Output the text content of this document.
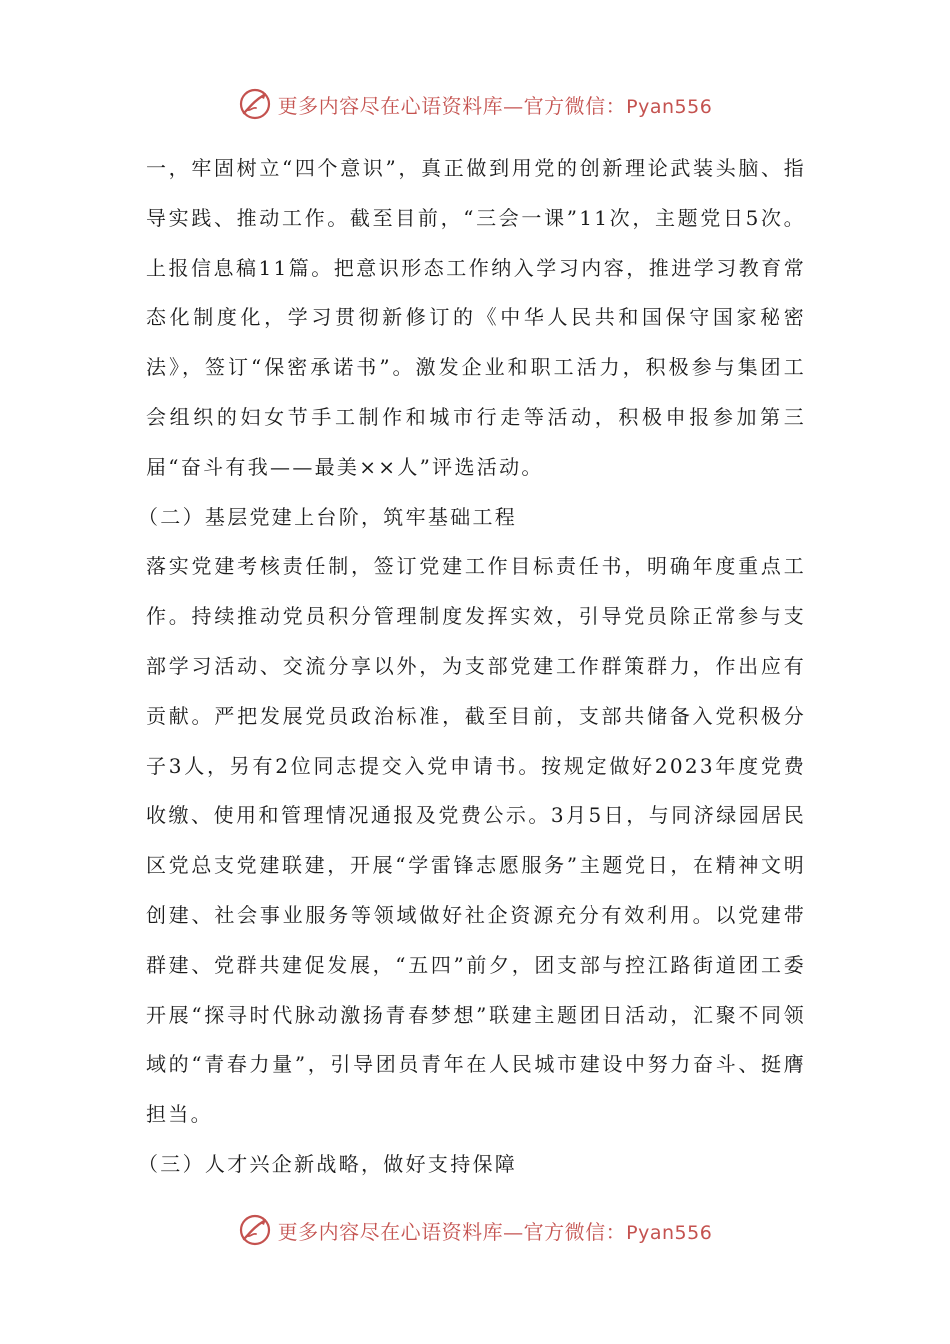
更多内容尽在心语资料库—官方微信：Pyan556

一，牢固树立“四个意识”，真正做到用党的创新理论武装头脑、指导实践、推动工作。截至目前，“三会一课”11次，主题党日5次。上报信息稿11篇。把意识形态工作纳入学习内容，推进学习教育常态化制度化，学习贯彻新修订的《中华人民共和国保守国家秘密法》，签订“保密承诺书”。激发企业和职工活力，积极参与集团工会组织的妇女节手工制作和城市行走等活动，积极申报参加第三届“奋斗有我——最美××人”评选活动。

（二）基层党建上台阶，筑牢基础工程

落实党建考核责任制，签订党建工作目标责任书，明确年度重点工作。持续推动党员积分管理制度发挥实效，引导党员除正常参与支部学习活动、交流分享以外，为支部党建工作群策群力，作出应有贡献。严把发展党员政治标准，截至目前，支部共储备入党积极分子3人，另有2位同志提交入党申请书。按规定做好2023年度党费收缴、使用和管理情况通报及党费公示。3月5日，与同济绿园居民区党总支党建联建，开展“学雷锋志愿服务”主题党日，在精神文明创建、社会事业服务等领域做好社企资源充分有效利用。以党建带群建、党群共建促发展，“五四”前夕，团支部与控江路街道团工委开展“探寻时代脉动激扬青春梦想”联建主题团日活动，汇聚不同领域的“青春力量”，引导团员青年在人民城市建设中努力奋斗、挺膺担当。

（三）人才兴企新战略，做好支持保障

更多内容尽在心语资料库—官方微信：Pyan556
